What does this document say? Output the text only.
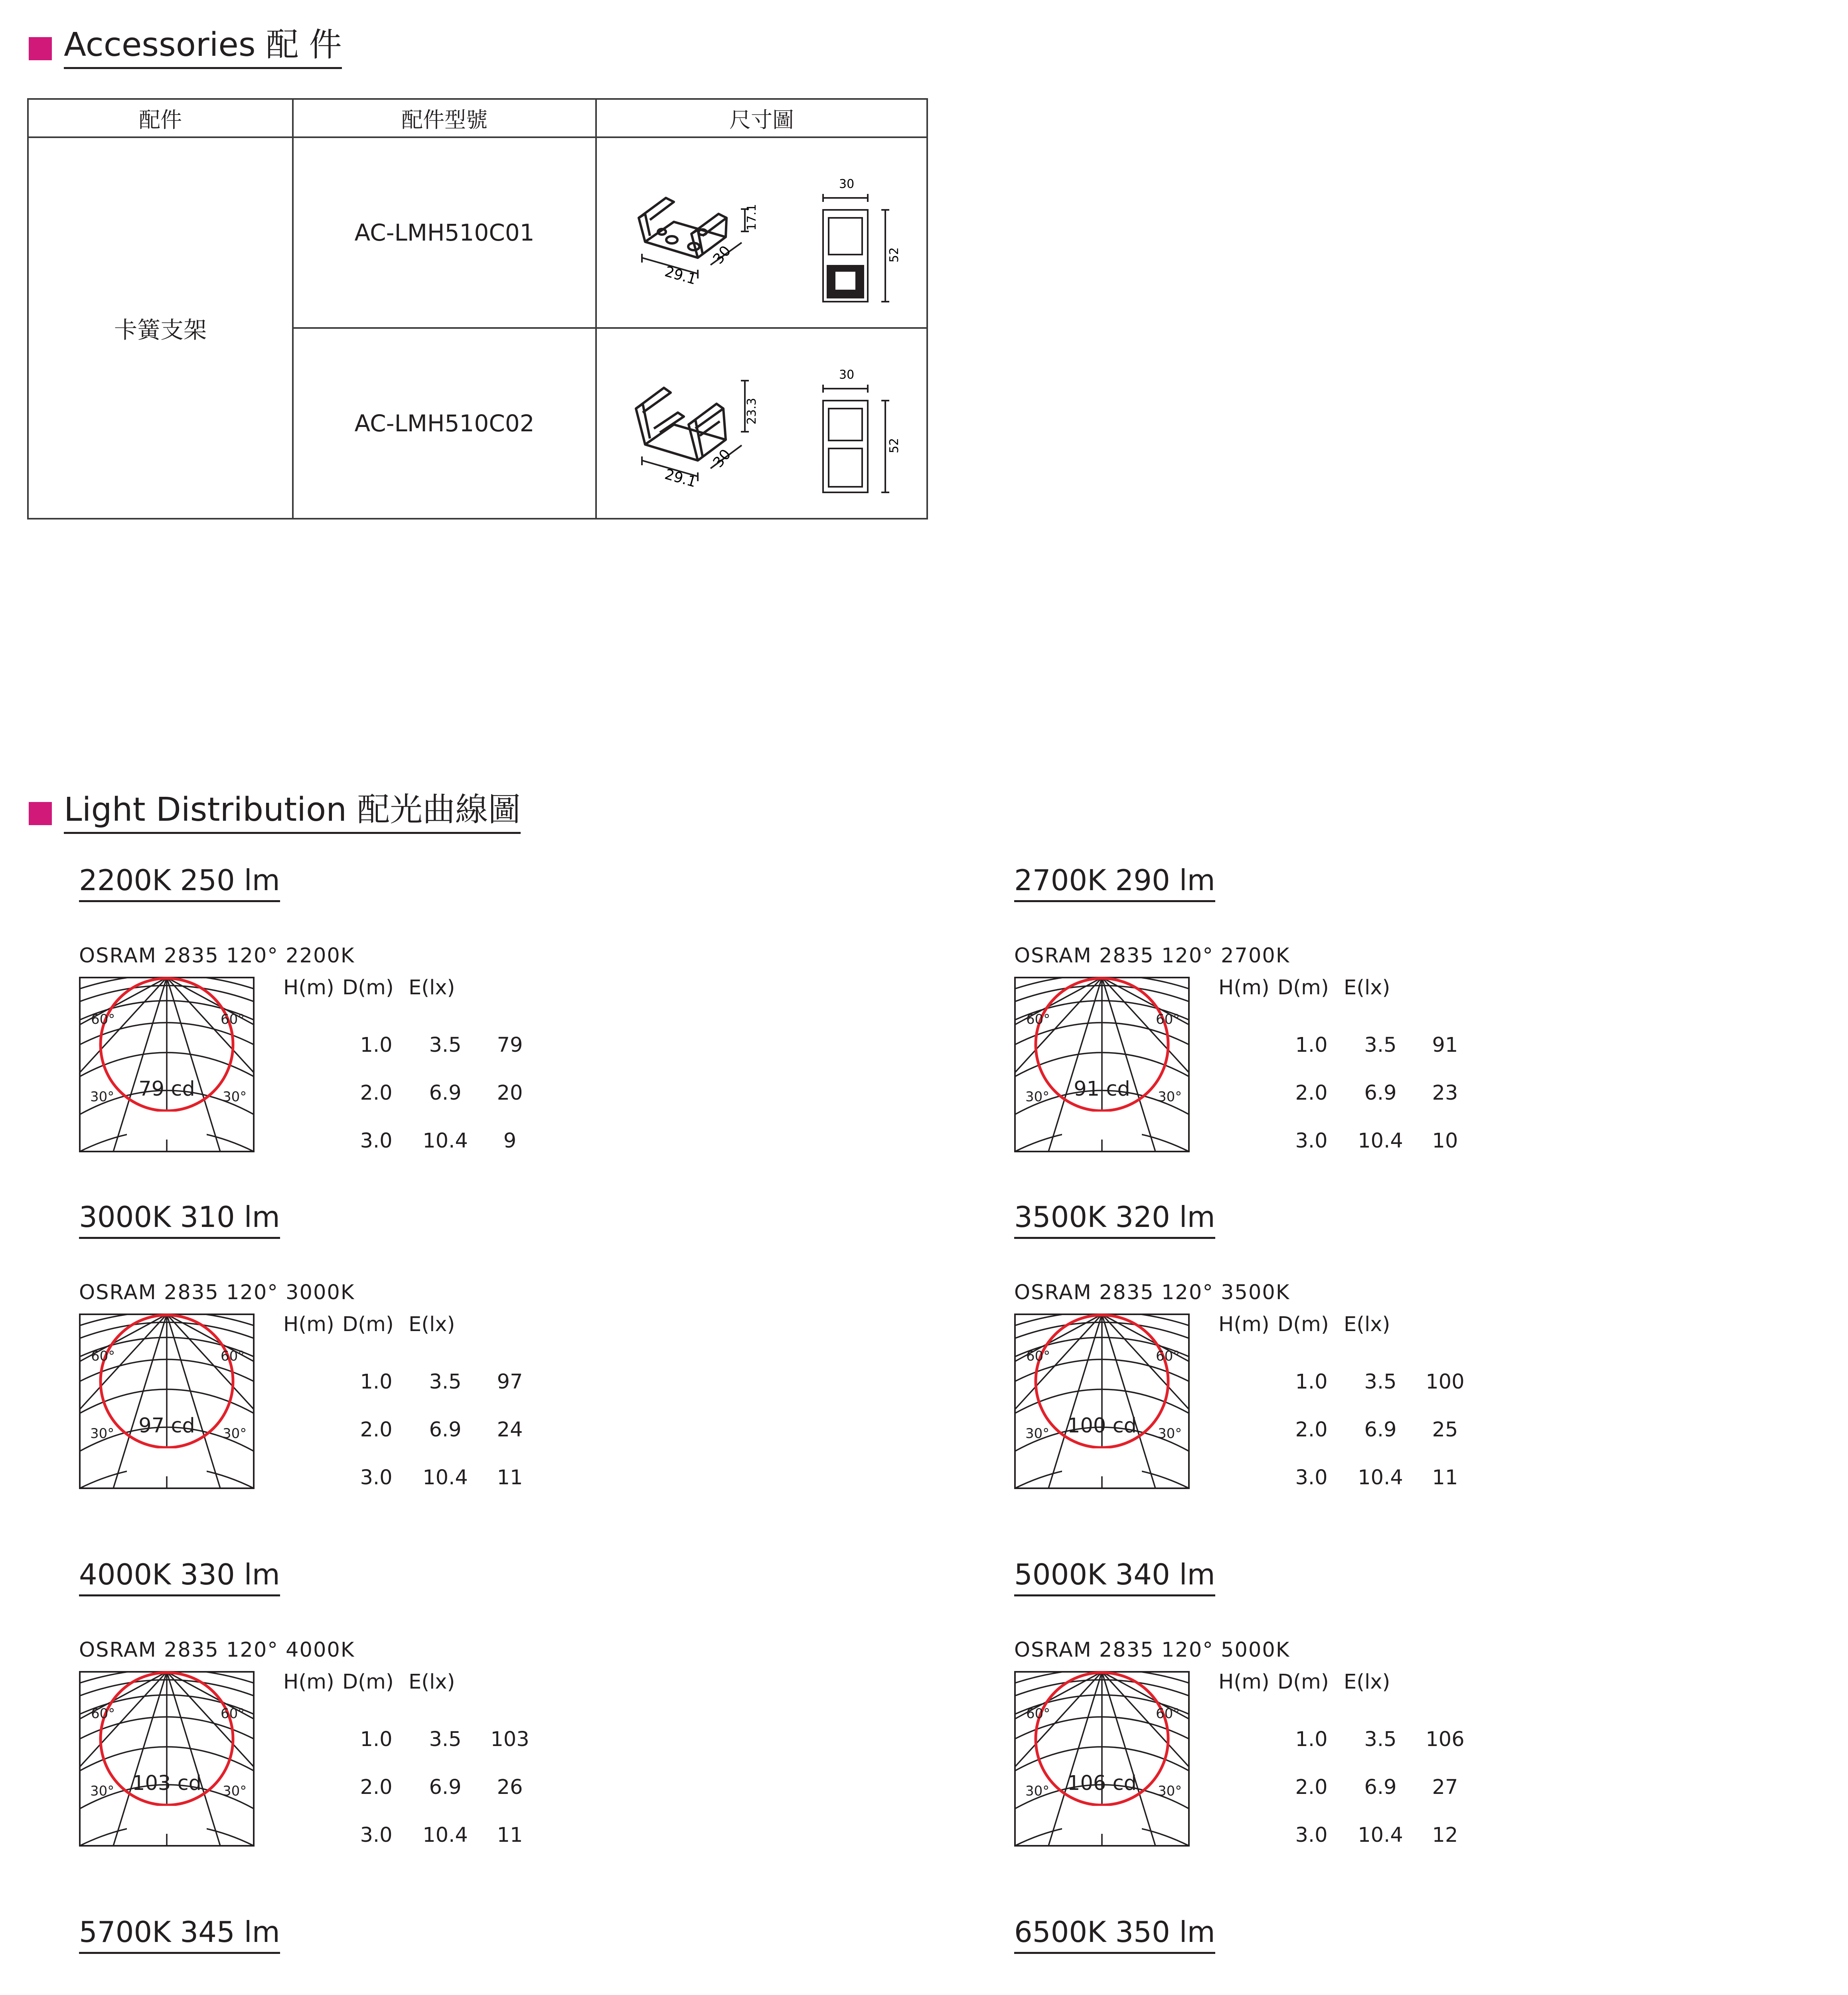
Accessories 配 件
配件	配件型號	尺寸圖
卡簧支架	AC-LMH510C01	29.1
30
17.1
30
52

	AC-LMH510C02	29.1
30
23.3
30
52
Light Distribution 配光曲線圖
2200K 250 lm
OSRAM 2835 120° 2200K
60°	60°
30°	30°
79 cd
H(m) D(m) E(lx)
1.0	3.5	79
2.0	6.9	20
3.0	10.4	9
2700K 290 lm
OSRAM 2835 120° 2700K
60°	60°
30°	30°
91 cd
H(m) D(m) E(lx)
1.0	3.5	91
2.0	6.9	23
3.0	10.4	10
3000K 310 lm
OSRAM 2835 120° 3000K
60°	60°
30°	30°
97 cd
H(m) D(m) E(lx)
1.0	3.5	97
2.0	6.9	24
3.0	10.4	11
3500K 320 lm
OSRAM 2835 120° 3500K
60°	60°
30°	30°
100 cd
H(m) D(m) E(lx)
1.0	3.5	100
2.0	6.9	25
3.0	10.4	11
4000K 330 lm
OSRAM 2835 120° 4000K
60°	60°
30°	30°
103 cd
H(m) D(m) E(lx)
1.0	3.5	103
2.0	6.9	26
3.0	10.4	11
5000K 340 lm
OSRAM 2835 120° 5000K
60°	60°
30°	30°
106 cd
H(m) D(m) E(lx)
1.0	3.5	106
2.0	6.9	27
3.0	10.4	12
5700K 345 lm	6500K 350 lm
